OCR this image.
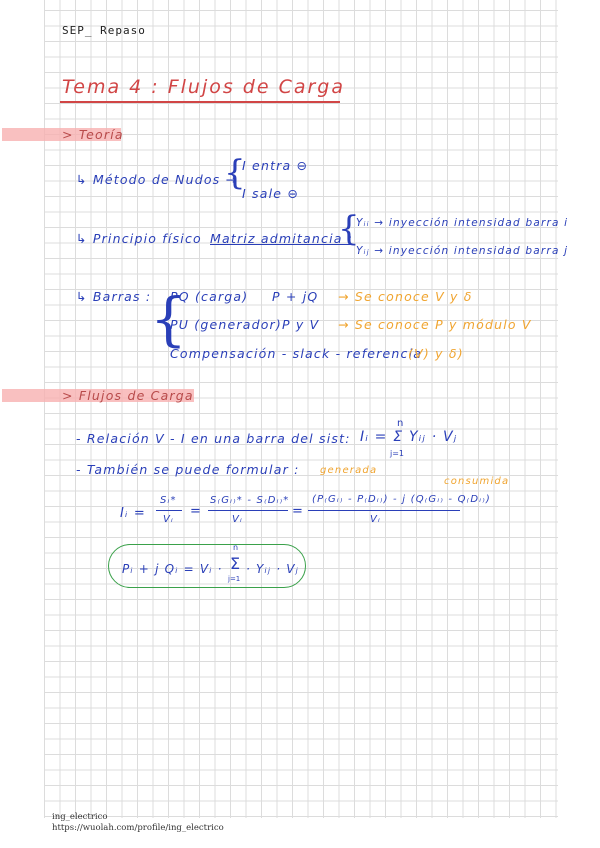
SEP_ Repaso
Tema 4 : Flujos de Carga
> Teoría
↳ Método de Nudos →
{
I entra ⊖
I sale ⊖
↳ Principio físico Matriz admitancia :
{
Yᵢᵢ → inyección intensidad barra i
Yᵢⱼ → inyección intensidad barra j
↳ Barras :
{
PQ (carga) P + jQ → Se conoce V y δ
PU (generador) P y V → Se conoce P y módulo V
Compensación - slack - referencia
(V) y δ)
> Flujos de Carga
- Relación V - I en una barra del sist: Iᵢ = Σ Yᵢⱼ · Vⱼ
n
j=1
- También se puede formular : generada
consumida
Iᵢ =
Sᵢ*
Vᵢ
=
S₍Gᵢ₎* - S₍Dᵢ₎*
Vᵢ
=
(P₍Gᵢ₎ - P₍Dᵢ₎) - j (Q₍Gᵢ₎ - Q₍Dᵢ₎)
Vᵢ
Pᵢ + j Qᵢ = Vᵢ · Σ
n
j=1
· Yᵢⱼ · Vⱼ
ing_electrico
https://wuolah.com/profile/ing_electrico
